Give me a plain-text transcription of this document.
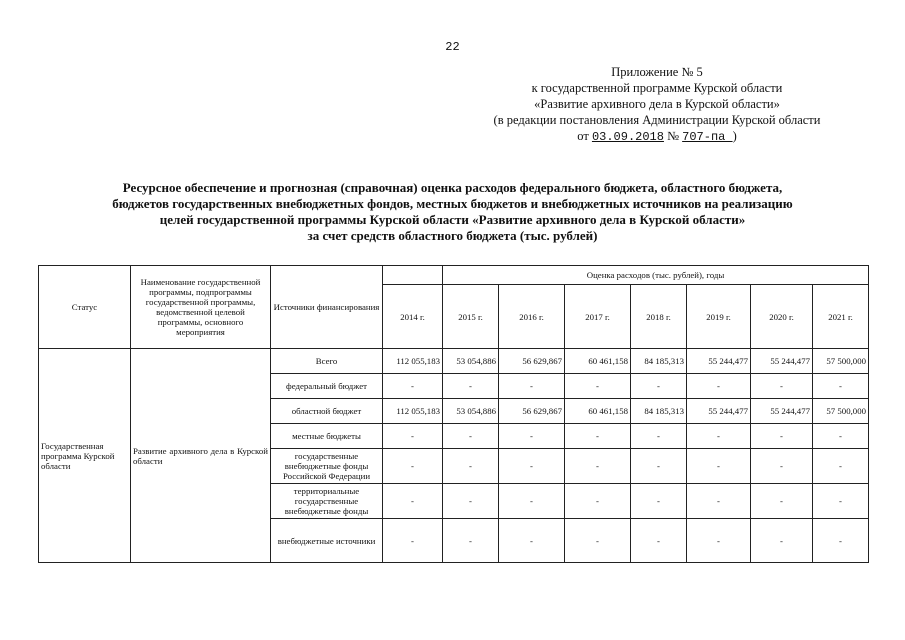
22
Приложение № 5
к государственной программе Курской области
«Развитие архивного дела в Курской области»
(в редакции постановления Администрации Курской области
от 03.09.2018 № 707-па )
Ресурсное обеспечение и прогнозная (справочная) оценка расходов федерального бюджета, областного бюджета,
бюджетов государственных внебюджетных фондов, местных бюджетов и внебюджетных источников на реализацию
целей государственной программы Курской области «Развитие архивного дела в Курской области»
за счет средств областного бюджета (тыс. рублей)
Статус	Наименование государственной программы, подпрограммы государственной программы, ведомственной целевой программы, основного мероприятия	Источники финансирования		Оценка расходов (тыс. рублей), годы						
			2014 г.	2015 г.	2016 г.	2017 г.	2018 г.	2019 г.	2020 г.	2021 г.
Государственная программа Курской области	Развитие архивного дела в Курской области	Всего	112 055,183	53 054,886	56 629,867	60 461,158	84 185,313	55 244,477	55 244,477	57 500,000
		федеральный бюджет	-	-	-	-	-	-	-	-
		областной бюджет	112 055,183	53 054,886	56 629,867	60 461,158	84 185,313	55 244,477	55 244,477	57 500,000
		местные бюджеты	-	-	-	-	-	-	-	-
		государственные внебюджетные фонды Российской Федерации	-	-	-	-	-	-	-	-
		территориальные государственные внебюджетные фонды	-	-	-	-	-	-	-	-
		внебюджетные источники	-	-	-	-	-	-	-	-
